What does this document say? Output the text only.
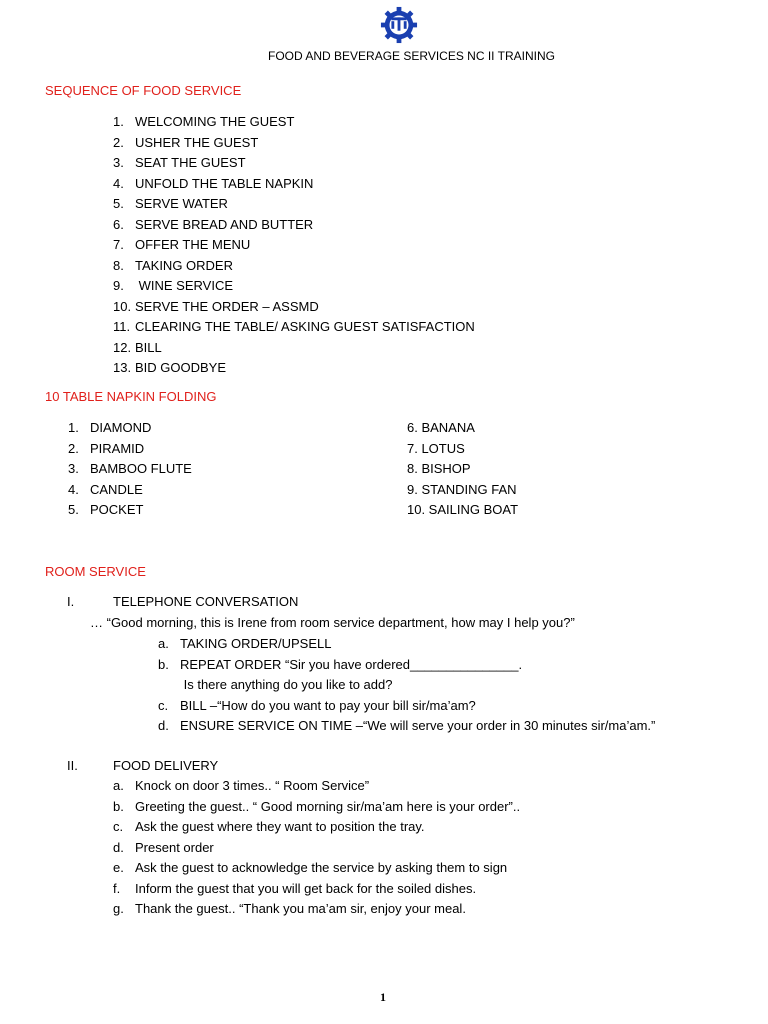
FOOD AND BEVERAGE SERVICES NC II TRAINING
SEQUENCE OF FOOD SERVICE
1. WELCOMING THE GUEST
2. USHER THE GUEST
3. SEAT THE GUEST
4. UNFOLD THE TABLE NAPKIN
5. SERVE WATER
6. SERVE BREAD AND BUTTER
7. OFFER THE MENU
8. TAKING ORDER
9. WINE SERVICE
10. SERVE THE ORDER – ASSMD
11. CLEARING THE TABLE/ ASKING GUEST SATISFACTION
12. BILL
13. BID GOODBYE
10 TABLE NAPKIN FOLDING
1. DIAMOND
2. PIRAMID
3. BAMBOO FLUTE
4. CANDLE
5. POCKET
6. BANANA
7. LOTUS
8. BISHOP
9. STANDING FAN
10. SAILING BOAT
ROOM SERVICE
I.	TELEPHONE CONVERSATION
… “Good morning, this is Irene from room service department, how may I help you?”
a. TAKING ORDER/UPSELL
b. REPEAT ORDER “Sir you have ordered_______________.
Is there anything do you like to add?
c. BILL –“How do you want to pay your bill sir/ma’am?
d. ENSURE SERVICE ON TIME –“We will serve your order in 30 minutes sir/ma’am.”
II.	FOOD DELIVERY
a. Knock on door 3 times.. “ Room Service”
b. Greeting the guest.. “ Good morning sir/ma’am here is your order”..
c. Ask the guest where they want to position the tray.
d. Present order
e. Ask the guest to acknowledge the service by asking them to sign
f. Inform the guest that you will get back for the soiled dishes.
g. Thank the guest.. “Thank you ma’am sir, enjoy your meal.
1
